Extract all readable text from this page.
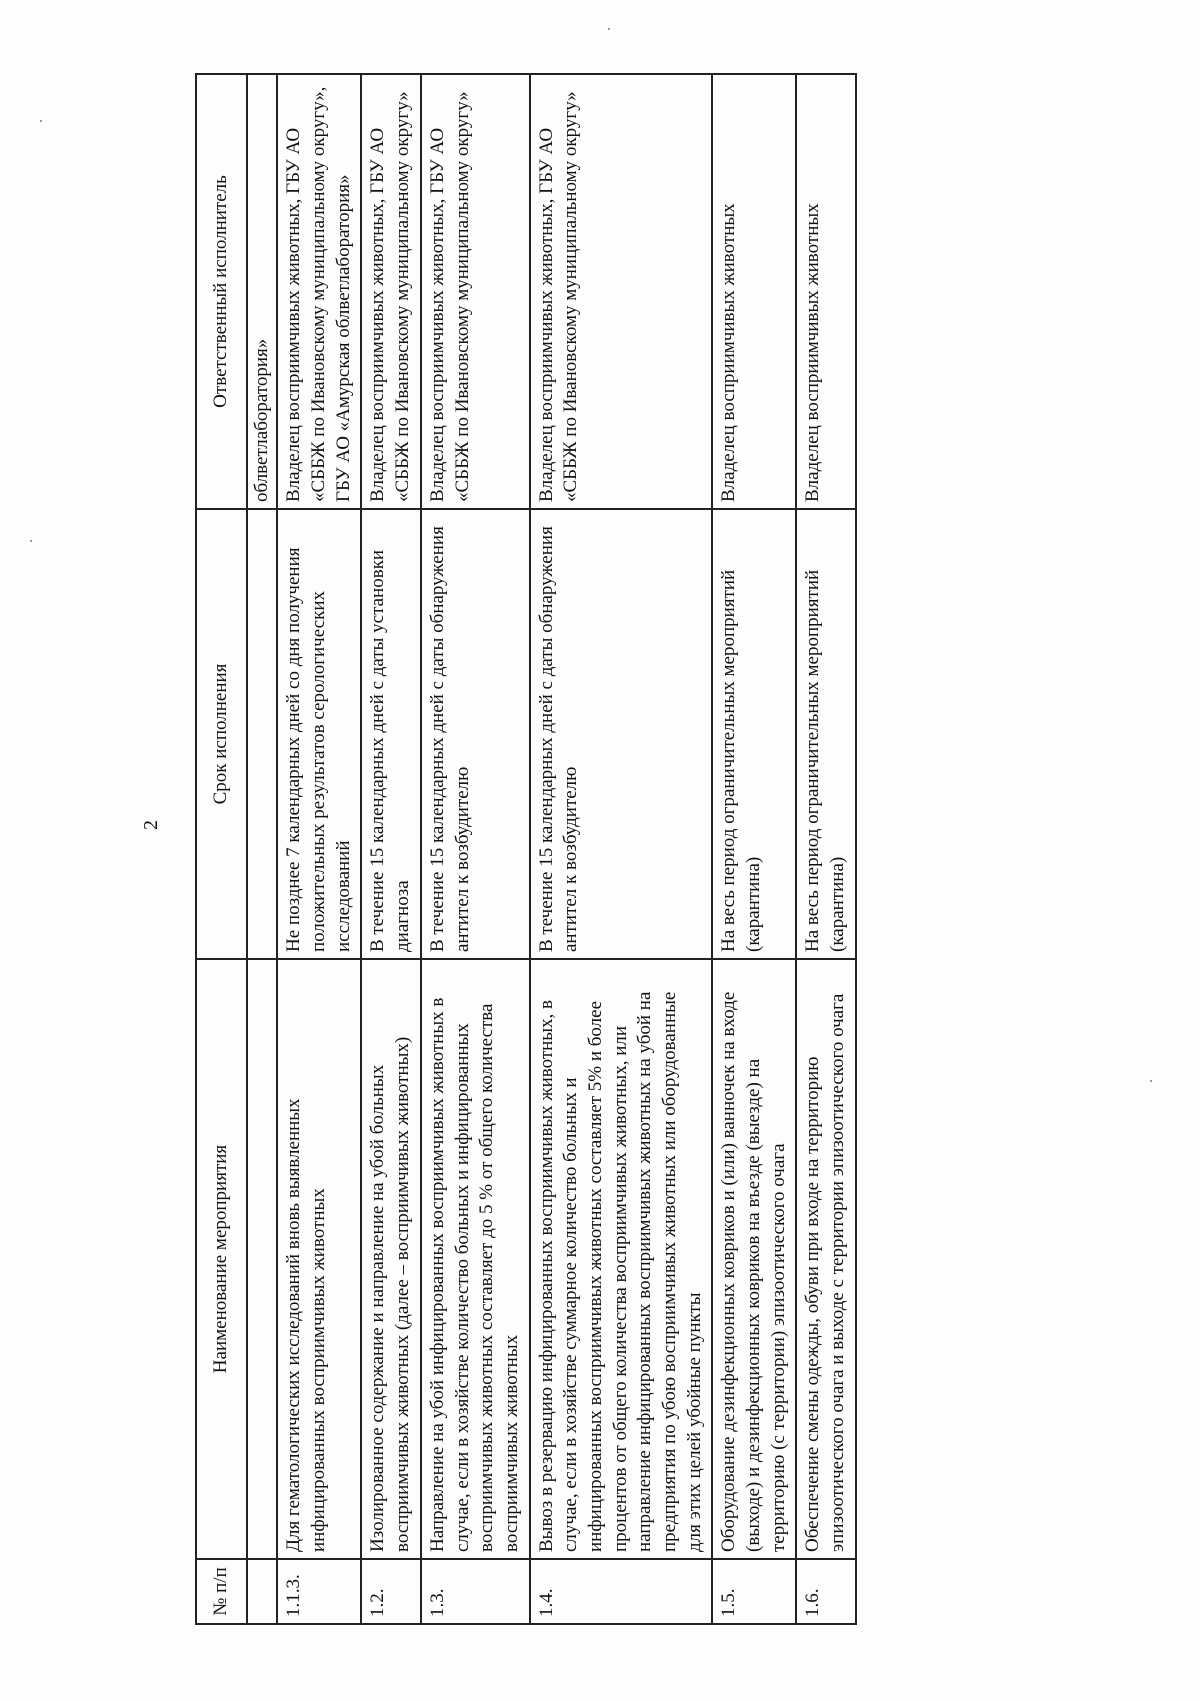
2
№ п/п	Наименование мероприятия	Срок исполнения	Ответственный исполнитель
			облветлаборатория»
1.1.3.	Для гематологических исследований вновь выявленных инфицированных восприимчивых животных	Не позднее 7 календарных дней со дня получения положительных результатов серологических исследований	Владелец восприимчивых животных, ГБУ АО «СББЖ по Ивановскому муниципальному округу», ГБУ АО «Амурская облветлаборатория»
1.2.	Изолированное содержание и направление на убой больных восприимчивых животных (далее – восприимчивых животных)	В течение 15 календарных дней с даты установки диагноза	Владелец восприимчивых животных, ГБУ АО «СББЖ по Ивановскому муниципальному округу»
1.3.	Направление на убой инфицированных восприимчивых животных в случае, если в хозяйстве количество больных и инфицированных восприимчивых животных составляет до 5 % от общего количества восприимчивых животных	В течение 15 календарных дней с даты обнаружения антител к возбудителю	Владелец восприимчивых животных, ГБУ АО «СББЖ по Ивановскому муниципальному округу»
1.4.	Вывоз в резервацию инфицированных восприимчивых животных, в случае, если в хозяйстве суммарное количество больных и инфицированных восприимчивых животных составляет 5% и более процентов от общего количества восприимчивых животных, или направление инфицированных восприимчивых животных на убой на предприятия по убою восприимчивых животных или оборудованные для этих целей убойные пункты	В течение 15 календарных дней с даты обнаружения антител к возбудителю	Владелец восприимчивых животных, ГБУ АО «СББЖ по Ивановскому муниципальному округу»
1.5.	Оборудование дезинфекционных ковриков и (или) ванночек на входе (выходе) и дезинфекционных ковриков на въезде (выезде) на территорию (с территории) эпизоотического очага	На весь период ограничительных мероприятий (карантина)	Владелец восприимчивых животных
1.6.	Обеспечение смены одежды, обуви при входе на территорию эпизоотического очага и выходе с территории эпизоотического очага	На весь период ограничительных мероприятий (карантина)	Владелец восприимчивых животных
